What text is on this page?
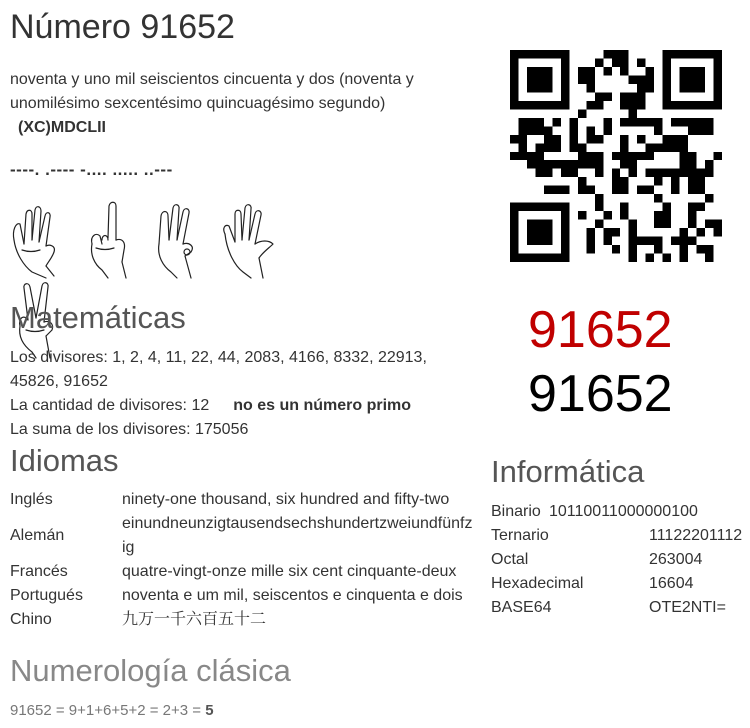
Número 91652
noventa y uno mil seiscientos cincuenta y dos (noventa y unomilésimo sexcentésimo quincuagésimo segundo) (XC)MDCLII
----. .---- -.... ..... ..---

91652
91652
Matemáticas
Los divisores: 1, 2, 4, 11, 22, 44, 2083, 4166, 8332, 22913, 45826, 91652
La cantidad de divisores: 12 no es un número primo
La suma de los divisores: 175056
Idiomas
Inglés	ninety-one thousand, six hundred and fifty-two
Alemán	einundneunzigtausendsechshundertzweiundfünfzig
Francés	quatre-vingt-onze mille six cent cinquante-deux
Portugués	noventa e um mil, seiscentos e cinquenta e dois
Chino	九万一千六百五十二
Informática
Binario 10110011000000100
Ternario	11122201112
Octal	263004
Hexadecimal	16604
BASE64	OTE2NTI=
Numerología clásica
91652 = 9+1+6+5+2 = 2+3 = 5
